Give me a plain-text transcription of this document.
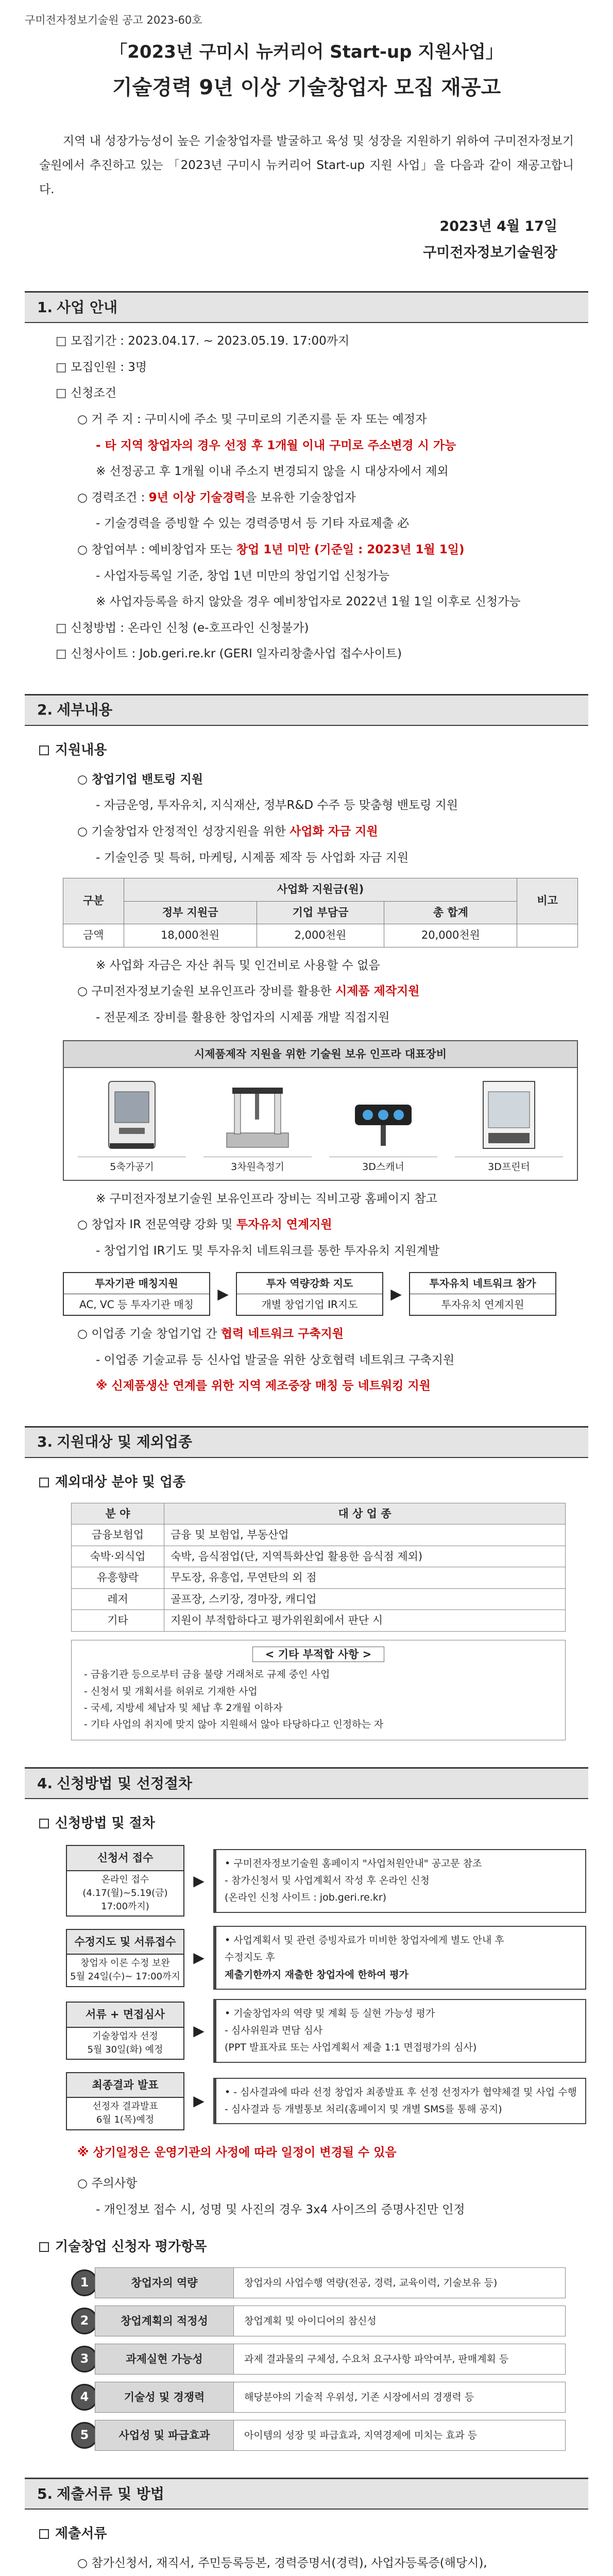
구미전자정보기술원 공고 2023-60호
「2023년 구미시 뉴커리어 Start-up 지원사업」
기술경력 9년 이상 기술창업자 모집 재공고
지역 내 성장가능성이 높은 기술창업자를 발굴하고 육성 및 성장을 지원하기 위하여 구미전자정보기술원에서 추진하고 있는 「2023년 구미시 뉴커리어 Start-up 지원 사업」을 다음과 같이 재공고합니다.
2023년 4월 17일
구미전자정보기술원장
1. 사업 안내
□ 모집기간 : 2023.04.17. ~ 2023.05.19. 17:00까지
□ 모집인원 : 3명
□ 신청조건
○ 거 주 지 : 구미시에 주소 및 구미로의 기존지를 둔 자 또는 예정자
- 타 지역 창업자의 경우 선정 후 1개월 이내 구미로 주소변경 시 가능
※ 선정공고 후 1개월 이내 주소지 변경되지 않을 시 대상자에서 제외
○ 경력조건 : 9년 이상 기술경력을 보유한 기술창업자
- 기술경력을 증빙할 수 있는 경력증명서 등 기타 자료제출 必
○ 창업여부 : 예비창업자 또는 창업 1년 미만 (기준일 : 2023년 1월 1일)
- 사업자등록일 기준, 창업 1년 미만의 창업기업 신청가능
※ 사업자등록을 하지 않았을 경우 예비창업자로 2022년 1월 1일 이후로 신청가능
□ 신청방법 : 온라인 신청 (e-호프라인 신청불가)
□ 신청사이트 : Job.geri.re.kr (GERI 일자리창출사업 접수사이트)
2. 세부내용
지원내용
○ 창업기업 밴토링 지원
- 자금운영, 투자유치, 지식재산, 정부R&D 수주 등 맞춤형 밴토링 지원
○ 기술창업자 안정적인 성장지원을 위한 사업화 자금 지원
- 기술인증 및 특허, 마케팅, 시제품 제작 등 사업화 자금 지원
구분	사업화 지원금(원)			비고
	정부 지원금	기업 부담금	총 합계	
금액	18,000천원	2,000천원	20,000천원	
※ 사업화 자금은 자산 취득 및 인건비로 사용할 수 없음
○ 구미전자정보기술원 보유인프라 장비를 활용한 시제품 제작지원
- 전문제조 장비를 활용한 창업자의 시제품 개발 직접지원
시제품제작 지원을 위한 기술원 보유 인프라 대표장비
5축가공기	3차원측정기	3D스캐너	3D프린터
※ 구미전자정보기술원 보유인프라 장비는 직비고광 홈페이지 참고
○ 창업자 IR 전문역량 강화 및 투자유치 연계지원
- 창업기업 IR기도 및 투자유치 네트워크를 통한 투자유치 지원계발
투자기관 매칭지원
AC, VC 등 투자기관 매칭
▶
투자 역량강화 지도
개별 창업기업 IR지도
▶
투자유치 네트워크 참가
투자유치 연계지원
○ 이업종 기술 창업기업 간 협력 네트워크 구축지원
- 이업종 기술교류 등 신사업 발굴을 위한 상호협력 네트워크 구축지원
※ 신제품생산 연계를 위한 지역 제조중장 매칭 등 네트워킹 지원
3. 지원대상 및 제외업종
제외대상 분야 및 업종
분 야	대 상 업 종
금융보험업	금융 및 보험업, 부동산업
숙박·외식업	숙박, 음식점업(단, 지역특화산업 활용한 음식점 제외)
유흥향락	무도장, 유흥업, 무연탄의 외 점
레저	골프장, 스키장, 경마장, 캐디업
기타	지원이 부적합하다고 평가위원회에서 판단 시
< 기타 부적합 사항 >
- 금융기관 등으로부터 금융 불량 거래처로 규제 중인 사업
- 신청서 및 개획서를 허위로 기재한 사업
- 국세, 지방세 체납자 및 체납 후 2개월 이하자
- 기타 사업의 취지에 맞지 않아 지원해서 않아 타당하다고 인정하는 자
4. 신청방법 및 선정절차
신청방법 및 절차
신청서 접수
온라인 접수
(4.17(월)~5.19(금)
17:00까지)
▶
• 구미전자정보기술원 홈페이지 "사업처원안내" 공고문 참조
- 참가신청서 및 사업계획서 작성 후 온라인 신청
(온라인 신청 사이트 : job.geri.re.kr)
수정지도 및 서류접수
창업자 이론 수정 보완
5월 24일(수)~ 17:00까지
▶
• 사업계획서 및 관련 증빙자료가 미비한 창업자에게 별도 안내 후
수정지도 후
제출기한까지 재출한 창업자에 한하여 평가
서류 + 면접심사
기술창업자 선정
5월 30일(화) 예정
▶
• 기술창업자의 역량 및 계획 등 실현 가능성 평가
- 심사위원과 면담 심사
(PPT 발표자료 또는 사업계획서 제출 1:1 면접평가의 심사)
최종결과 발표
선정자 결과발표
6월 1(목)예정
▶
• - 심사결과에 따라 선정 창업자 최종발표 후 선정 선정자가 협약체결 및 사업 수행
- 심사결과 등 개별통보 처리(홈페이지 및 개별 SMS를 통해 공지)
※ 상기일정은 운영기관의 사정에 따라 일정이 변경될 수 있음
○ 주의사항
- 개인정보 접수 시, 성명 및 사진의 경우 3x4 사이즈의 증명사진만 인정
기술창업 신청자 평가항목
1	창업자의 역량	창업자의 사업수행 역량(전공, 경력, 교육이력, 기술보유 등)
2	창업계획의 적정성	창업계획 및 아이디어의 참신성
3	과제실현 가능성	과제 결과물의 구체성, 수요처 요구사항 파악여부, 판매계획 등
4	기술성 및 경쟁력	해당분야의 기술적 우위성, 기존 시장에서의 경쟁력 등
5	사업성 및 파급효과	아이템의 성장 및 파급효과, 지역경제에 미치는 효과 등
5. 제출서류 및 방법
제출서류
○ 참가신청서, 재직서, 주민등록등본, 경력증명서(경력), 사업자등록증(해당시),
